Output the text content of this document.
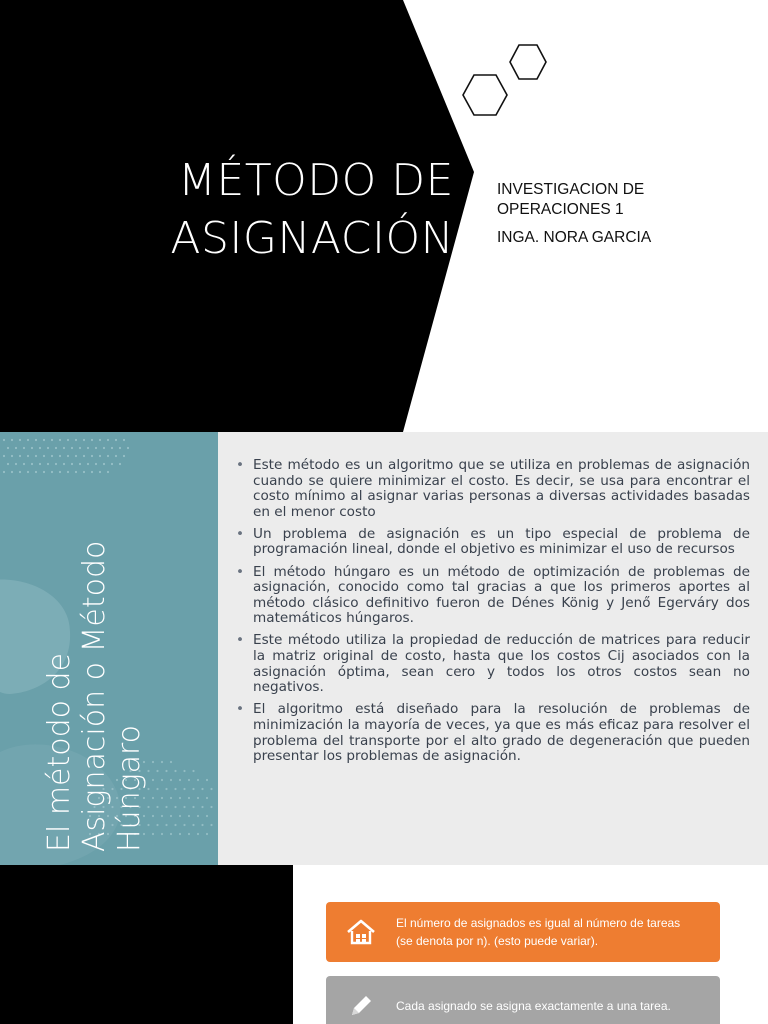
MÉTODO DE
ASIGNACIÓN
INVESTIGACION DE
OPERACIONES 1
INGA. NORA GARCIA
El método de Asignación o Método Húngaro
• Este método es un algoritmo que se utiliza en problemas de asignación cuando se quiere minimizar el costo. Es decir, se usa para encontrar el costo mínimo al asignar varias personas a diversas actividades basadas en el menor costo
• Un problema de asignación es un tipo especial de problema de programación lineal, donde el objetivo es minimizar el uso de recursos
• El método húngaro es un método de optimización de problemas de asignación, conocido como tal gracias a que los primeros aportes al método clásico definitivo fueron de Dénes König y Jenő Egerváry dos matemáticos húngaros.
• Este método utiliza la propiedad de reducción de matrices para reducir la matriz original de costo, hasta que los costos Cij asociados con la asignación óptima, sean cero y todos los otros costos sean no negativos.
• El algoritmo está diseñado para la resolución de problemas de minimización la mayoría de veces, ya que es más eficaz para resolver el problema del transporte por el alto grado de degeneración que pueden presentar los problemas de asignación.
El número de asignados es igual al número de tareas (se denota por n). (esto puede variar).
Cada asignado se asigna exactamente a una tarea.
